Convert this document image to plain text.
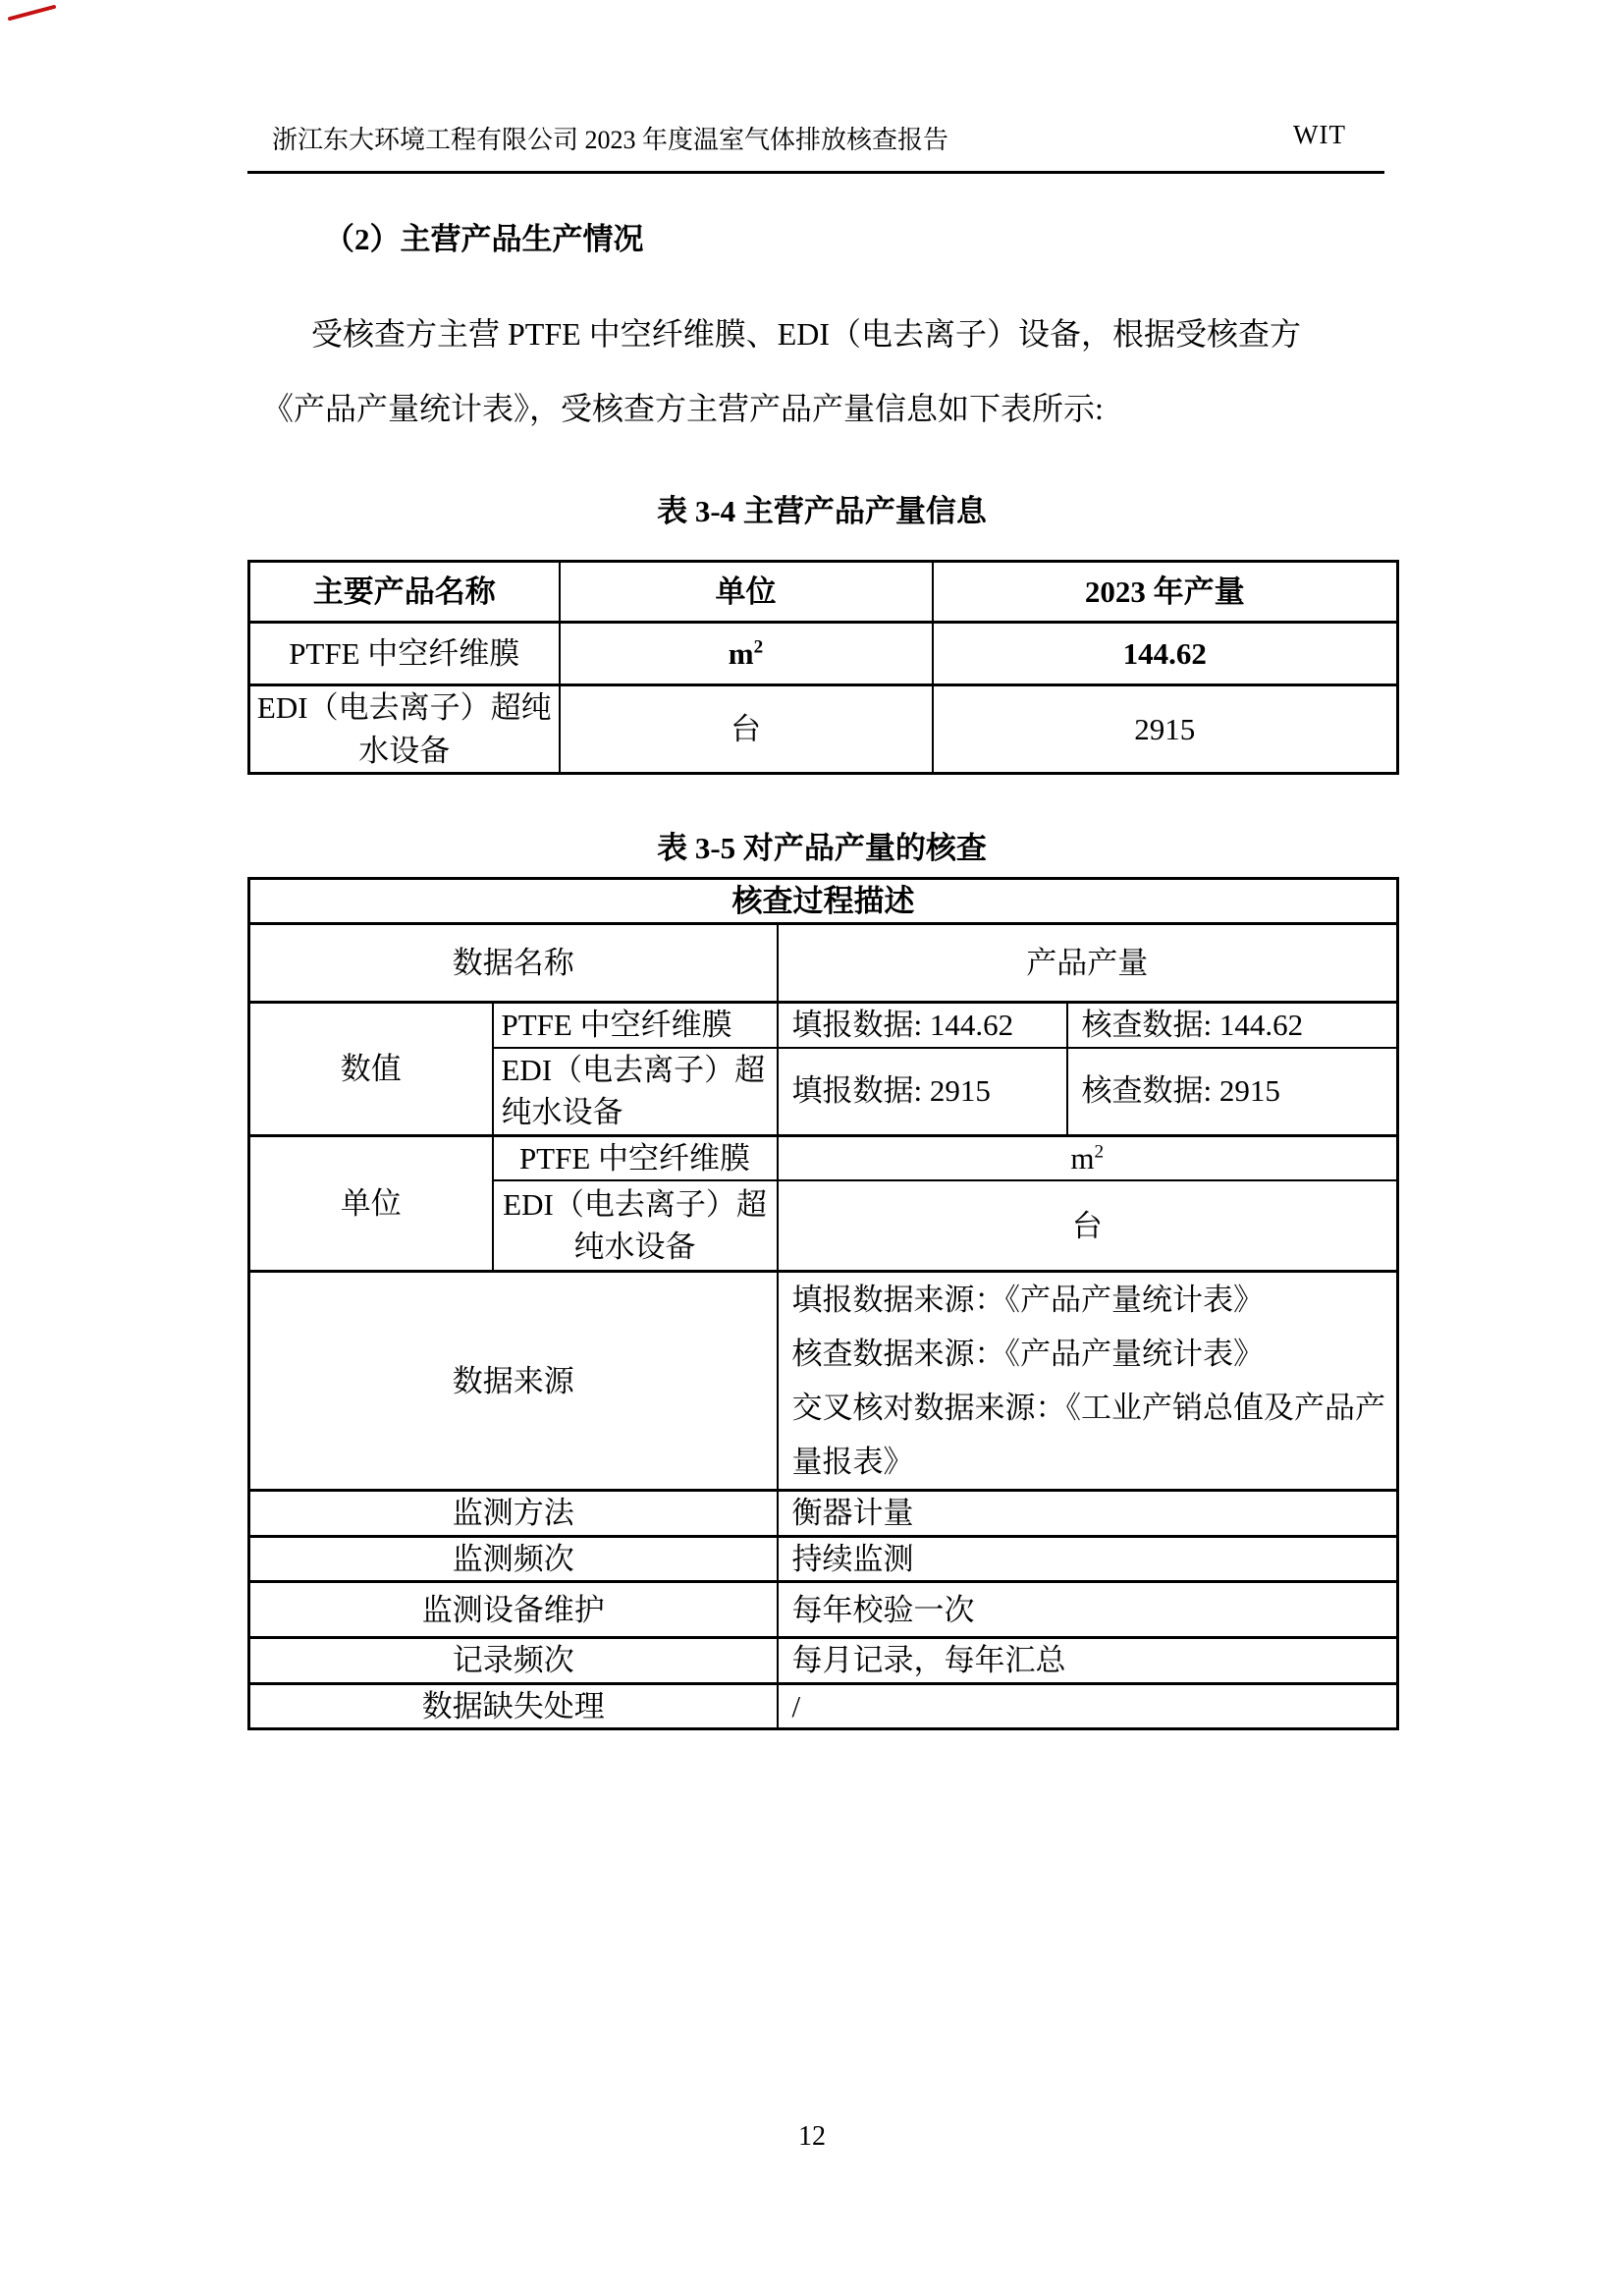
浙江东大环境工程有限公司 2023 年度温室气体排放核查报告	WIT
（2）主营产品生产情况
受核查方主营 PTFE 中空纤维膜、EDI（电去离子）设备，根据受核查方
《产品产量统计表》，受核查方主营产品产量信息如下表所示:
表 3-4 主营产品产量信息
主要产品名称	单位	2023 年产量
PTFE 中空纤维膜	$m^2$	144.62
EDI（电去离子）超纯水设备	台	2915
表 3-5 对产品产量的核查
核查过程描述			
数据名称		产品产量	
数值	PTFE 中空纤维膜	填报数据: 144.62	核查数据: 144.62
	EDI（电去离子）超纯水设备	填报数据: 2915	核查数据: 2915
单位	PTFE 中空纤维膜	$m^2$
	EDI（电去离子）超纯水设备	台	
数据来源		填报数据来源：《产品产量统计表》
核查数据来源：《产品产量统计表》
交叉核对数据来源：《工业产销总值及产品产
量报表》	

监测方法		衡器计量	
监测频次		持续监测	
监测设备维护		每年校验一次	
记录频次		每月记录，每年汇总	
数据缺失处理		/	
12
